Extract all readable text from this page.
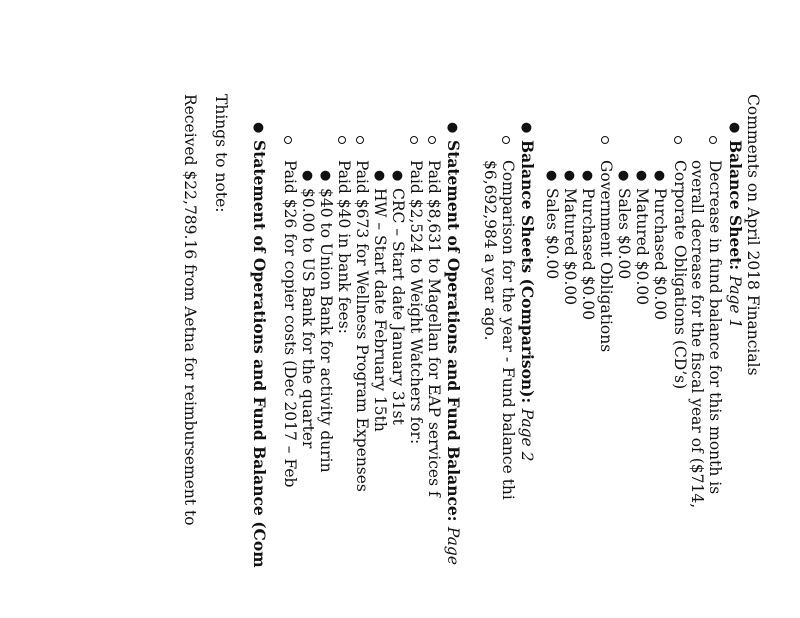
Comments on April 2018 Financials
●
Balance Sheet: Page 1
Decrease in fund balance for this month is
overall decrease for the fiscal year of ($714,
Corporate Obligations (CD’s)
●
Purchased $0.00
●
Matured $0.00
●
Sales $0.00
Government Obligations
●
Purchased $0.00
●
Matured $0.00
●
Sales $0.00
●
Balance Sheets (Comparison): Page 2
Comparison for the year - Fund balance thi
$6,692,984 a year ago.
●
Statement of Operations and Fund Balance: Page
Paid $8,631 to Magellan for EAP services f
Paid $2,524 to Weight Watchers for:
●
CRC – Start date January 31st
●
HW – Start date February 15th
Paid $673 for Wellness Program Expenses
Paid $40 in bank fees:
●
$40 to Union Bank for activity durin
●
$0.00 to US Bank for the quarter
Paid $26 for copier costs (Dec 2017 – Feb
●
Statement of Operations and Fund Balance (Com
Things to note:
Received $22,789.16 from Aetna for reimbursement to
